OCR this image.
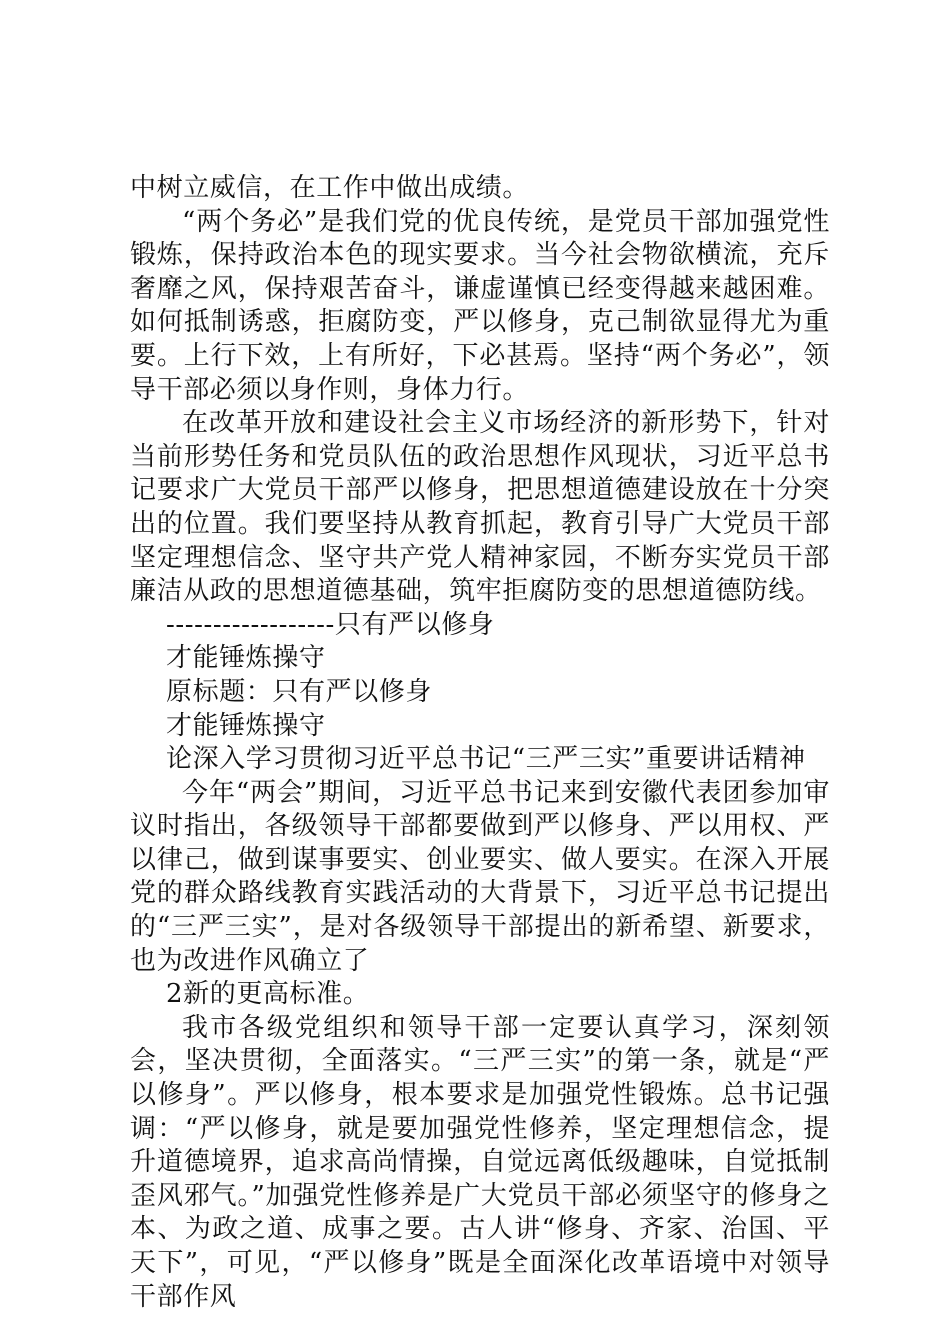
中树立威信，在工作中做出成绩。

“两个务必”是我们党的优良传统，是党员干部加强党性锻炼，保持政治本色的现实要求。当今社会物欲横流，充斥奢靡之风，保持艰苦奋斗，谦虚谨慎已经变得越来越困难。如何抵制诱惑，拒腐防变，严以修身，克己制欲显得尤为重要。上行下效，上有所好，下必甚焉。坚持“两个务必”，领导干部必须以身作则，身体力行。

在改革开放和建设社会主义市场经济的新形势下，针对当前形势任务和党员队伍的政治思想作风现状，习近平总书记要求广大党员干部严以修身，把思想道德建设放在十分突出的位置。我们要坚持从教育抓起，教育引导广大党员干部坚定理想信念、坚守共产党人精神家园，不断夯实党员干部廉洁从政的思想道德基础，筑牢拒腐防变的思想道德防线。

------------------只有严以修身

才能锤炼操守

原标题：只有严以修身

才能锤炼操守

论深入学习贯彻习近平总书记“三严三实”重要讲话精神

今年“两会”期间，习近平总书记来到安徽代表团参加审议时指出，各级领导干部都要做到严以修身、严以用权、严以律己，做到谋事要实、创业要实、做人要实。在深入开展党的群众路线教育实践活动的大背景下，习近平总书记提出的“三严三实”，是对各级领导干部提出的新希望、新要求，也为改进作风确立了

2新的更高标准。

我市各级党组织和领导干部一定要认真学习，深刻领会，坚决贯彻，全面落实。“三严三实”的第一条，就是“严以修身”。严以修身，根本要求是加强党性锻炼。总书记强调：“严以修身，就是要加强党性修养，坚定理想信念，提升道德境界，追求高尚情操，自觉远离低级趣味，自觉抵制歪风邪气。”加强党性修养是广大党员干部必须坚守的修身之本、为政之道、成事之要。古人讲“修身、齐家、治国、平天下”，可见，“严以修身”既是全面深化改革语境中对领导干部作风
